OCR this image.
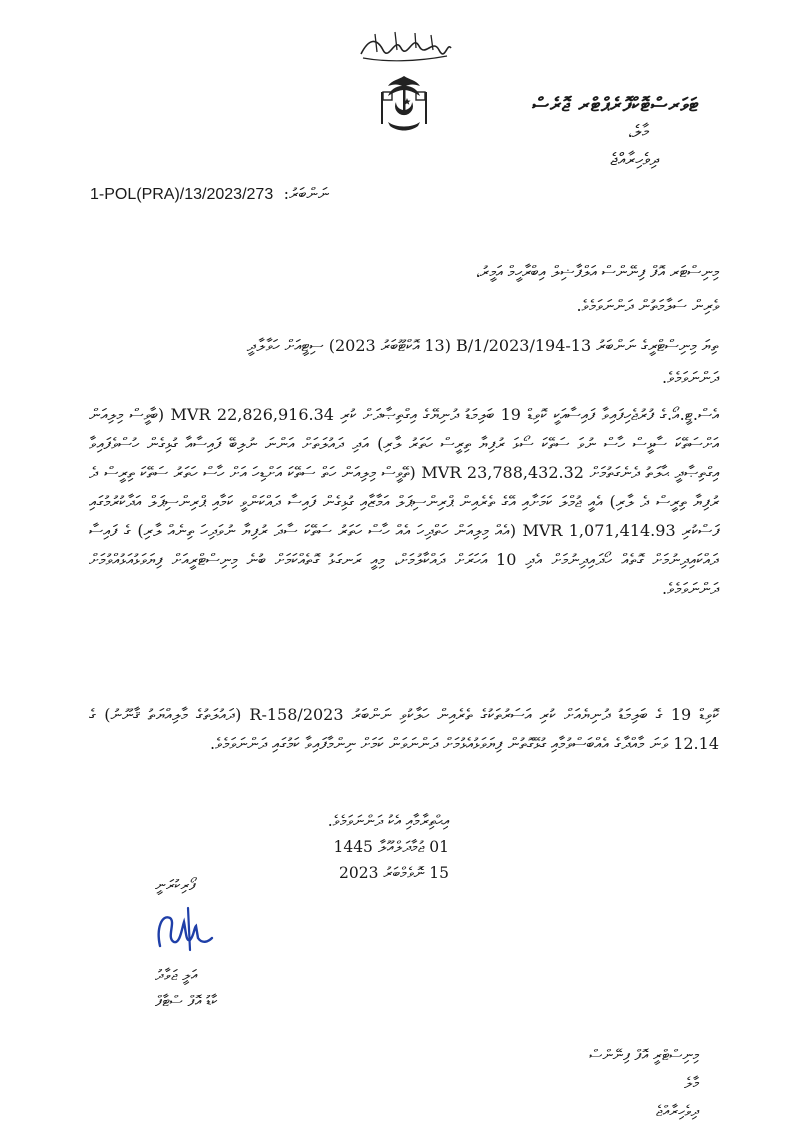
ޓަވަރސްޓޮކްފޮރެޕްޓްރ ޖޮރެސް
މާލެ،
ދިވެހިރާއްޖެ
1-POL(PRA)/13/2023/273 ނަންބަރު:
މިނިސްޓަރ އޮފް ފިނޭންސް އަލްފާޟިލް އިބްރާހީމް އަމީރު،
ވެރިން ސަލާމަތުން ދަންނަވަމެވެ.
ތިޔަ މިނިސްޓްރީގެ ނަންބަރު 13-B/1/2023/194 (13 އޮކްޓޫބަރު 2023) ސިޓީއަށް ހަވާލާދީ
ދަންނަވަމެވެ.
އެސް.ޓީ.އޯ.ގެ ފުރުޖެހިފައިވާ ފައިސާއަކީ ކޮވިޑް 19 ބަލިމަޑު ދުނިޔޭގެ އިގްތިޞާދަށް ކުރި MVR 22,826,916.34 (ބާވީސް މިލިއަން އަށްސަތޭކަ ސާޅީސް ހާސް ނުވަ ސަތޭކަ ސޯޅަ ރުފިޔާ ތިރީސް ހަތަރު ލާރި) އަދި ދައުލަތަށް އަންނަ ނުލިބޭ ފައިސާއާ ގުޅިގެން ހުސްވެފައިވާ އިގްތިޞާދީ ޙާލަތު ދެނެގަތުމަށް MVR 23,788,432.32 (ތޭވީސް މިލިއަން ހަތް ސަތޭކަ އަށްޑިހަ އަށް ހާސް ހަތަރު ސަތޭކަ ތިރީސް ދެ ރުފިޔާ ތިރީސް ދެ ލާރި) އެއީ ޖުމްލަ ކަމަށާއި އޭގެ ތެރެއިން ޕްރިންސިޕަލް އަމާޒާއި ގުޅިގެން ފައިސާ ދައްކަންވީ ކަމާއި ޕްރިންސިޕަލް އަދާކުރުމުގައި ފަސްކުރި MVR 1,071,414.93 (އެއް މިލިއަން ހަތްދިހަ އެއް ހާސް ހަތަރު ސަތޭކަ ސާދަ ރުފިޔާ ނުވަދިހަ ތިނެއް ލާރި) ގެ ފައިސާ ދައްކައިދިނުމަށް ގޮތެއް ހޯދައިދިނުމަށް އެދި 10 އަހަރަށް ދައްކާލުމަށް، މިއީ ރަނގަޅު ގޮތެއްކަމަށް ބުނެ މިނިސްޓްރީއަށް ފިޔަވަޅުއަޅުއްވުމަށް ދަންނަވަމެވެ.
ކޮވިޑް 19 ގެ ބަލިމަޑު ދުނިޔެއަށް ކުރި އަސަރުތަކުގެ ތެރެއިން ހަލާކުވި ނަންބަރު 2023/R-158 (ދައުލަތުގެ މާލިއްޔަތު ޤާނޫނު) ގެ 12.14 ވަނަ މާއްދާގެ އެއްބަސްވުމާއި ގުޅޭގޮތުން ފިޔަވަޅުއެޅުމަށް ދަންނަވަން ކަމަށް ނިންމާފައިވާ ކަމުގައި ދަންނަވަމެވެ.
އިޙްތިރާމާއި އެކު ދަންނަވަމެވެ.
01 ޖުމާދަލްއޫލާ 1445
15 ނޮވެމްބަރު 2023
ފޯރިކުރަނީ
އަލީ ޖަވާދު
ކާޑު އޮފް ސްޓާފް
މިނިސްޓްރީ އޮފް ފިނޭންސް
މާލެ
ދިވެހިރާއްޖެ
